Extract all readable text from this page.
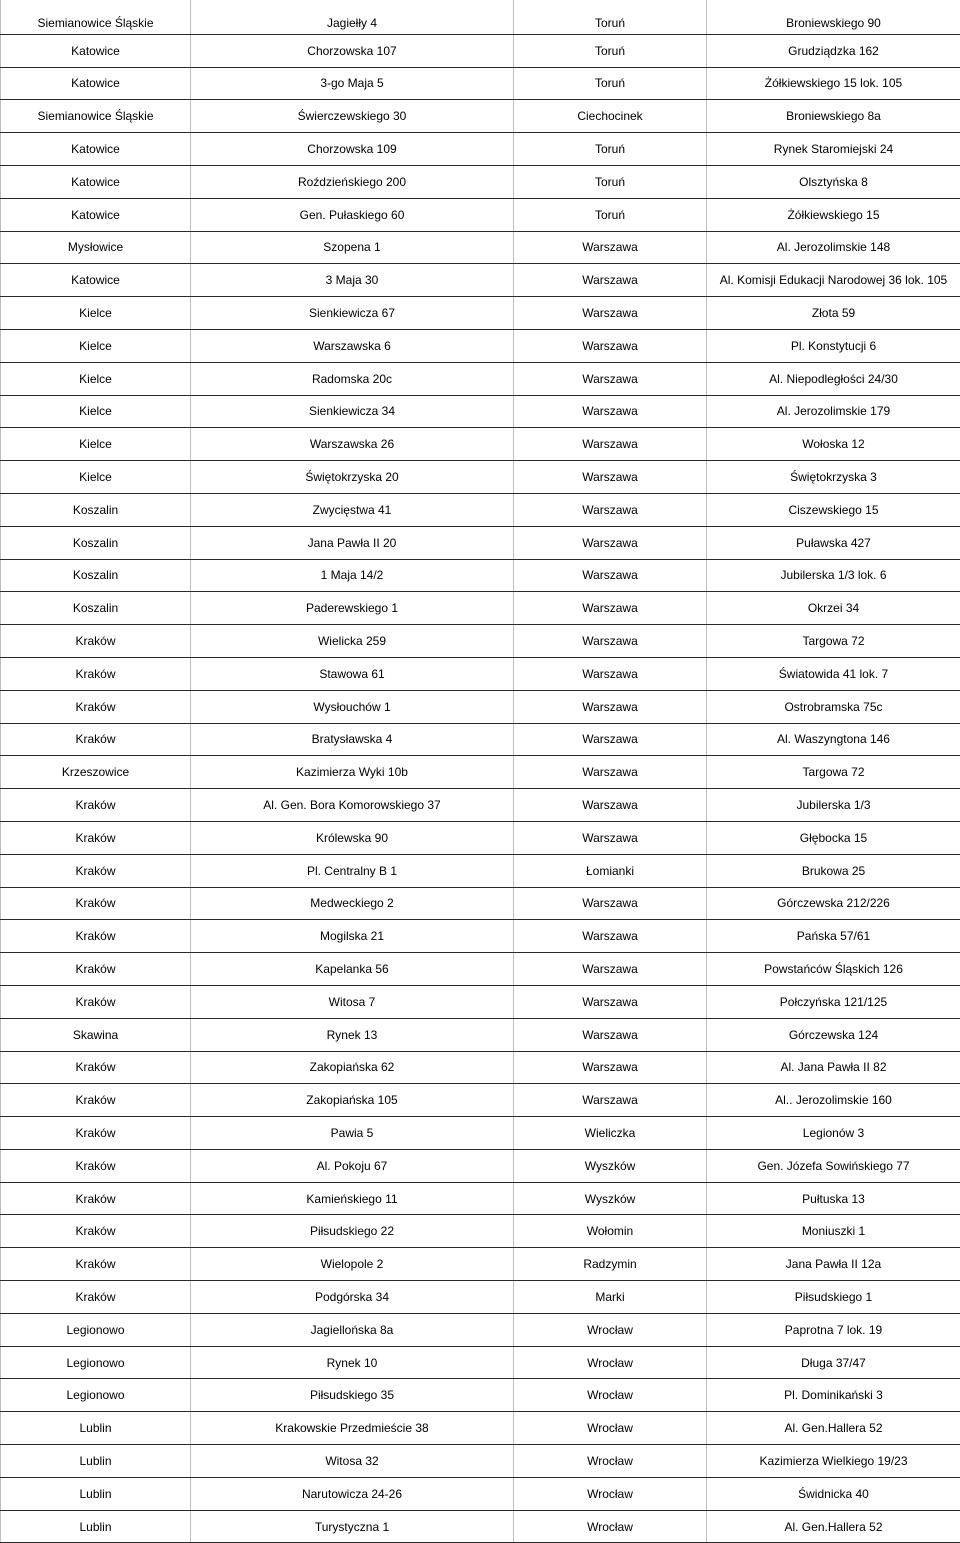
Siemianowice Śląskie	Jagiełły 4	Toruń	Broniewskiego 90
Katowice	Chorzowska 107	Toruń	Grudziądzka 162
Katowice	3-go Maja 5	Toruń	Żółkiewskiego 15 lok. 105
Siemianowice Śląskie	Świerczewskiego 30	Ciechocinek	Broniewskiego 8a
Katowice	Chorzowska 109	Toruń	Rynek Staromiejski 24
Katowice	Roździeńskiego 200	Toruń	Olsztyńska 8
Katowice	Gen. Pułaskiego 60	Toruń	Żółkiewskiego 15
Mysłowice	Szopena 1	Warszawa	Al. Jerozolimskie 148
Katowice	3 Maja 30	Warszawa	Al. Komisji Edukacji Narodowej 36 lok. 105
Kielce	Sienkiewicza 67	Warszawa	Złota 59
Kielce	Warszawska 6	Warszawa	Pl. Konstytucji 6
Kielce	Radomska 20c	Warszawa	Al. Niepodległości 24/30
Kielce	Sienkiewicza 34	Warszawa	Al. Jerozolimskie 179
Kielce	Warszawska 26	Warszawa	Wołoska 12
Kielce	Świętokrzyska 20	Warszawa	Świętokrzyska 3
Koszalin	Zwycięstwa 41	Warszawa	Ciszewskiego 15
Koszalin	Jana Pawła II 20	Warszawa	Puławska 427
Koszalin	1 Maja 14/2	Warszawa	Jubilerska 1/3 lok. 6
Koszalin	Paderewskiego 1	Warszawa	Okrzei 34
Kraków	Wielicka 259	Warszawa	Targowa 72
Kraków	Stawowa 61	Warszawa	Światowida 41 lok. 7
Kraków	Wysłouchów 1	Warszawa	Ostrobramska 75c
Kraków	Bratysławska 4	Warszawa	Al. Waszyngtona 146
Krzeszowice	Kazimierza Wyki 10b	Warszawa	Targowa 72
Kraków	Al. Gen. Bora Komorowskiego 37	Warszawa	Jubilerska 1/3
Kraków	Królewska 90	Warszawa	Głębocka 15
Kraków	Pl. Centralny B 1	Łomianki	Brukowa 25
Kraków	Medweckiego 2	Warszawa	Górczewska 212/226
Kraków	Mogilska 21	Warszawa	Pańska 57/61
Kraków	Kapelanka 56	Warszawa	Powstańców Śląskich 126
Kraków	Witosa 7	Warszawa	Połczyńska 121/125
Skawina	Rynek 13	Warszawa	Górczewska 124
Kraków	Zakopiańska 62	Warszawa	Al. Jana Pawła II 82
Kraków	Zakopiańska 105	Warszawa	Al.. Jerozolimskie 160
Kraków	Pawia 5	Wieliczka	Legionów 3
Kraków	Al. Pokoju 67	Wyszków	Gen. Józefa Sowińskiego 77
Kraków	Kamieńskiego 11	Wyszków	Pułtuska 13
Kraków	Piłsudskiego 22	Wołomin	Moniuszki 1
Kraków	Wielopole 2	Radzymin	Jana Pawła II 12a
Kraków	Podgórska 34	Marki	Piłsudskiego 1
Legionowo	Jagiellońska 8a	Wrocław	Paprotna 7 lok. 19
Legionowo	Rynek 10	Wrocław	Długa 37/47
Legionowo	Piłsudskiego 35	Wrocław	Pl. Dominikański 3
Lublin	Krakowskie Przedmieście 38	Wrocław	Al. Gen.Hallera 52
Lublin	Witosa 32	Wrocław	Kazimierza Wielkiego 19/23
Lublin	Narutowicza 24-26	Wrocław	Świdnicka 40
Lublin	Turystyczna 1	Wrocław	Al. Gen.Hallera 52
